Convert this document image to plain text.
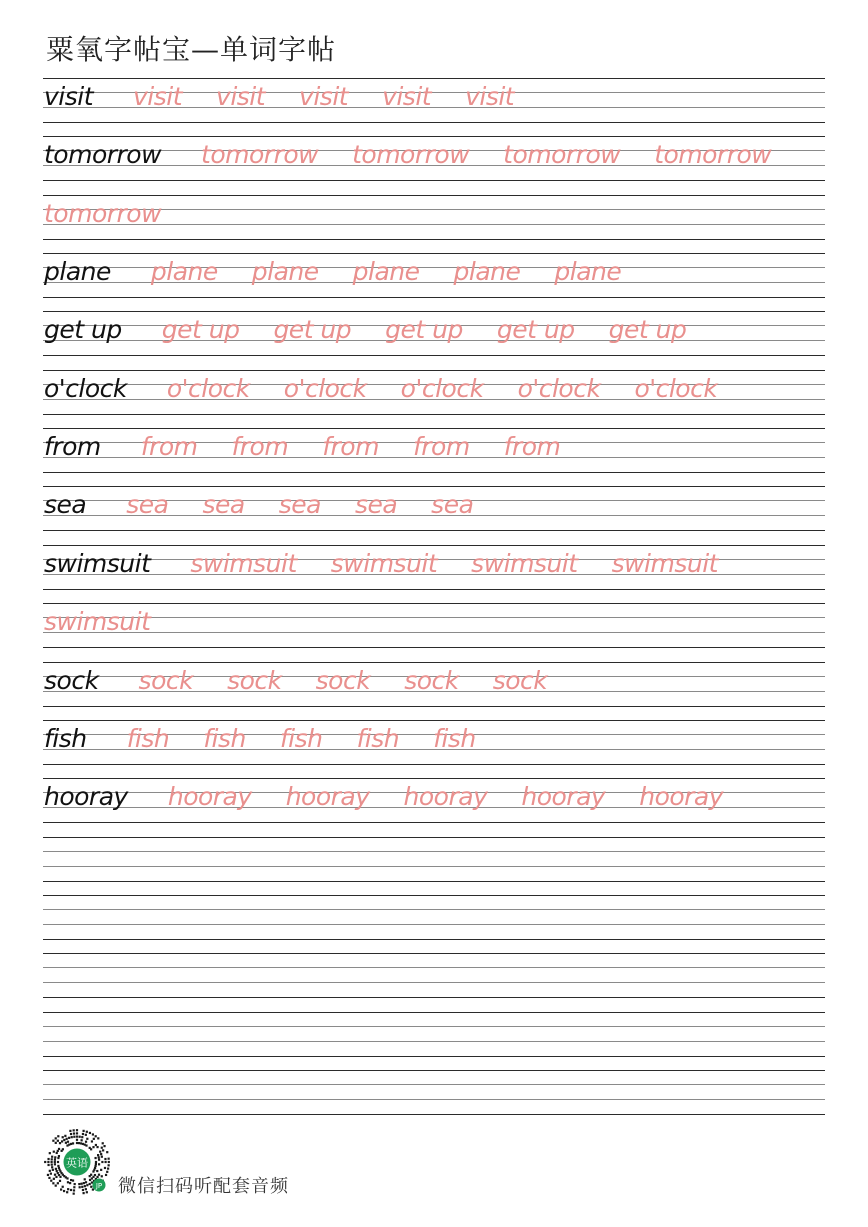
粟氧字帖宝—单词字帖
visit visit visit visit visit visit
tomorrow tomorrow tomorrow tomorrow tomorrow
tomorrow
plane plane plane plane plane plane
get up get up get up get up get up get up
o'clock o'clock o'clock o'clock o'clock o'clock
from from from from from from
sea sea sea sea sea sea
swimsuit swimsuit swimsuit swimsuit swimsuit
swimsuit
sock sock sock sock sock sock
fish fish fish fish fish fish
hooray hooray hooray hooray hooray hooray
英语
JP 微信扫码听配套音频
